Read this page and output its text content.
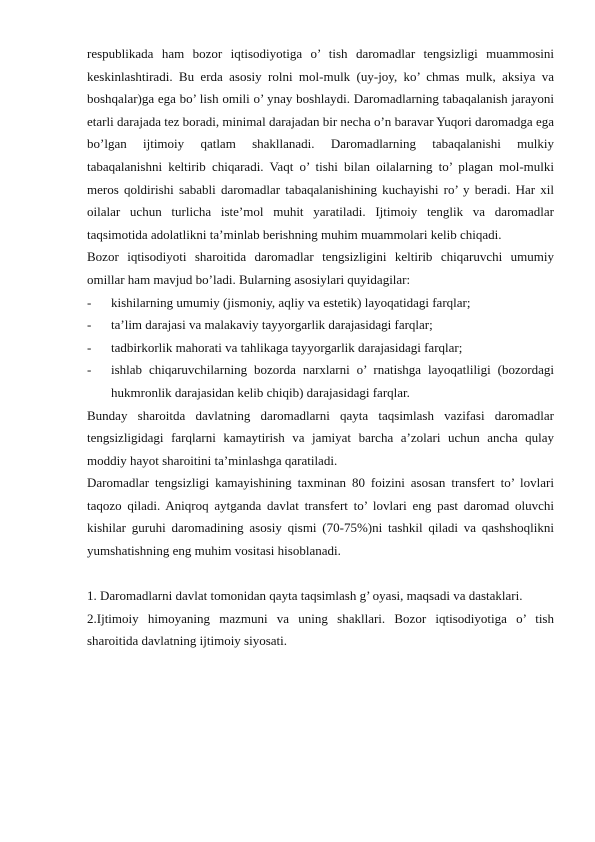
respublikada ham bozor iqtisodiyotiga o’ tish daromadlar tengsizligi muammosini keskinlashtiradi. Bu erda asosiy rolni mol-mulk (uy-joy, ko’ chmas mulk, aksiya va boshqalar)ga ega bo’ lish omili o’ ynay boshlaydi. Daromadlarning tabaqalanish jarayoni etarli darajada tez boradi, minimal darajadan bir necha o’n baravar Yuqori daromadga ega bo’lgan ijtimoiy qatlam shakllanadi. Daromadlarning tabaqalanishi mulkiy tabaqalanishni keltirib chiqaradi. Vaqt o’ tishi bilan oilalarning to’ plagan mol-mulki meros qoldirishi sababli daromadlar tabaqalanishining kuchayishi ro’ y beradi. Har xil oilalar uchun turlicha iste’mol muhit yaratiladi. Ijtimoiy tenglik va daromadlar taqsimotida adolatlikni ta’minlab berishning muhim muammolari kelib chiqadi.

Bozor iqtisodiyoti sharoitida daromadlar tengsizligini keltirib chiqaruvchi umumiy omillar ham mavjud bo’ladi. Bularning asosiylari quyidagilar:

-	kishilarning umumiy (jismoniy, aqliy va estetik) layoqatidagi farqlar;
-	ta’lim darajasi va malakaviy tayyorgarlik darajasidagi farqlar;
-	tadbirkorlik mahorati va tahlikaga tayyorgarlik darajasidagi farqlar;
-	ishlab chiqaruvchilarning bozorda narxlarni o’ rnatishga layoqatliligi (bozordagi hukmronlik darajasidan kelib chiqib) darajasidagi farqlar.

Bunday sharoitda davlatning daromadlarni qayta taqsimlash vazifasi daromadlar tengsizligidagi farqlarni kamaytirish va jamiyat barcha a’zolari uchun ancha qulay moddiy hayot sharoitini ta’minlashga qaratiladi.

Daromadlar tengsizligi kamayishining taxminan 80 foizini asosan transfert to’ lovlari taqozo qiladi. Aniqroq aytganda davlat transfert to’ lovlari eng past daromad oluvchi kishilar guruhi daromadining asosiy qismi (70-75%)ni tashkil qiladi va qashshoqlikni yumshatishning eng muhim vositasi hisoblanadi.

1. Daromadlarni davlat tomonidan qayta taqsimlash g’ oyasi, maqsadi va dastaklari.

2.Ijtimoiy himoyaning mazmuni va uning shakllari. Bozor iqtisodiyotiga o’ tish sharoitida davlatning ijtimoiy siyosati.
